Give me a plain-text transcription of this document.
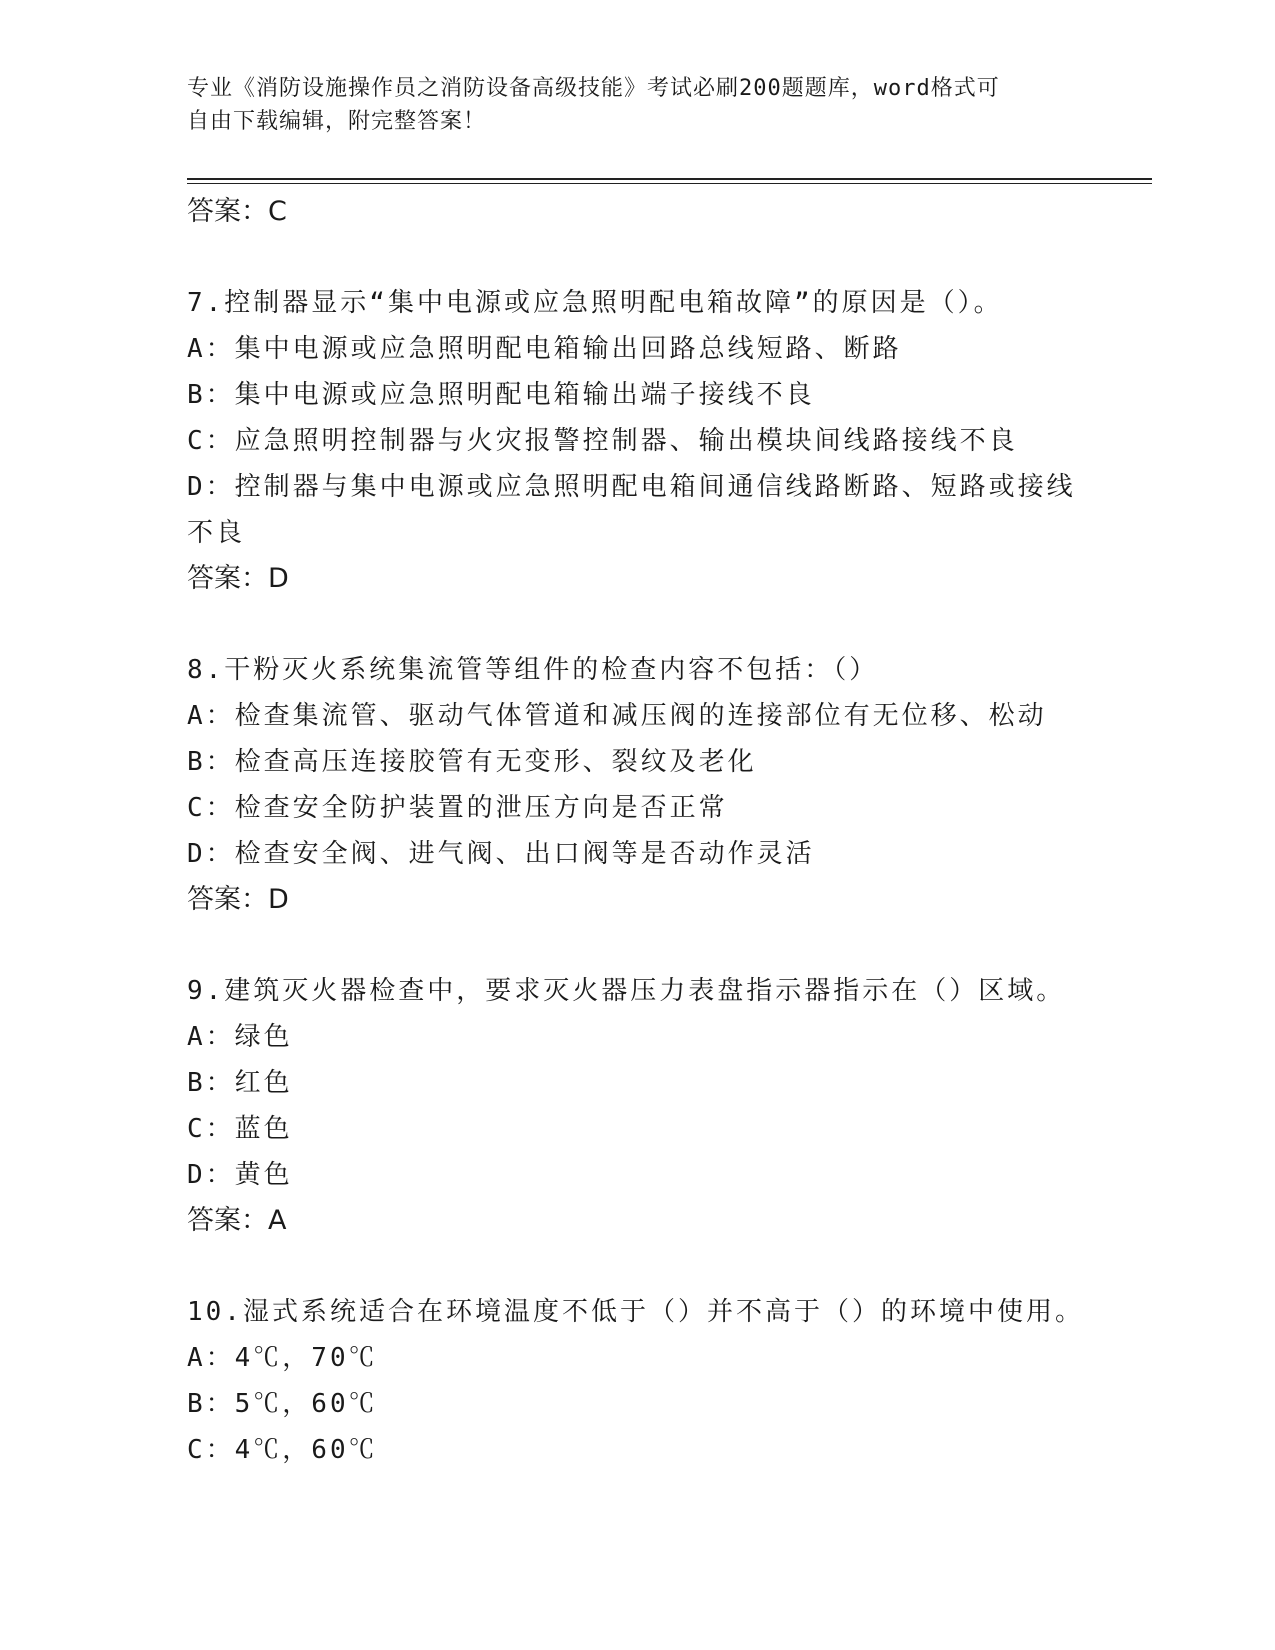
专业《消防设施操作员之消防设备高级技能》考试必刷200题题库，word格式可
自由下载编辑，附完整答案！
答案：C
7.控制器显示“集中电源或应急照明配电箱故障”的原因是（）。
A：集中电源或应急照明配电箱输出回路总线短路、断路
B：集中电源或应急照明配电箱输出端子接线不良
C：应急照明控制器与火灾报警控制器、输出模块间线路接线不良
D：控制器与集中电源或应急照明配电箱间通信线路断路、短路或接线
不良
答案：D
8.干粉灭火系统集流管等组件的检查内容不包括：（）
A：检查集流管、驱动气体管道和减压阀的连接部位有无位移、松动
B：检查高压连接胶管有无变形、裂纹及老化
C：检查安全防护装置的泄压方向是否正常
D：检查安全阀、进气阀、出口阀等是否动作灵活
答案：D
9.建筑灭火器检查中，要求灭火器压力表盘指示器指示在（）区域。
A：绿色
B：红色
C：蓝色
D：黄色
答案：A
10.湿式系统适合在环境温度不低于（）并不高于（）的环境中使用。
A：4℃，70℃
B：5℃，60℃
C：4℃，60℃
